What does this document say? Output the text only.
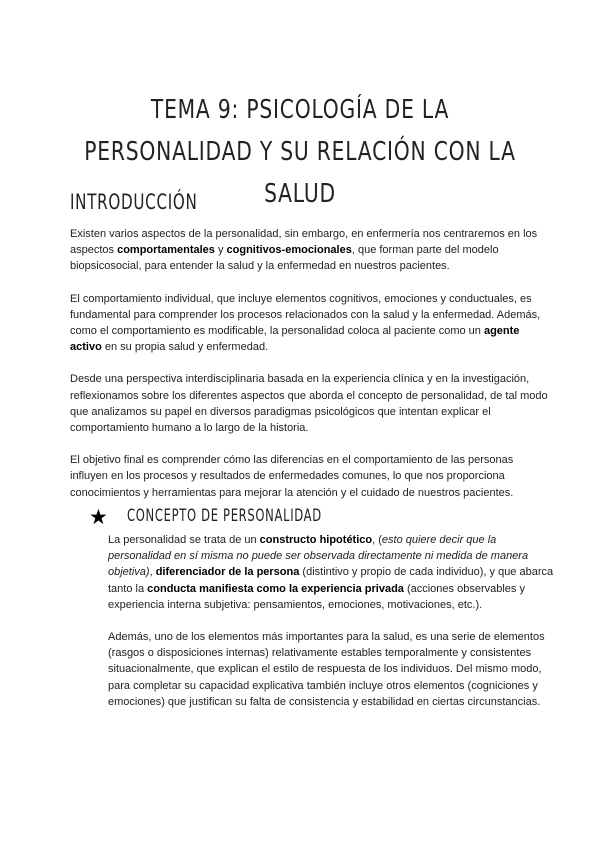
TEMA 9: PSICOLOGÍA DE LA PERSONALIDAD Y SU RELACIÓN CON LA SALUD
INTRODUCCIÓN

Existen varios aspectos de la personalidad, sin embargo, en enfermería nos centraremos en los aspectos comportamentales y cognitivos-emocionales, que forman parte del modelo biopsicosocial, para entender la salud y la enfermedad en nuestros pacientes.

El comportamiento individual, que incluye elementos cognitivos, emociones y conductuales, es fundamental para comprender los procesos relacionados con la salud y la enfermedad. Además, como el comportamiento es modificable, la personalidad coloca al paciente como un agente activo en su propia salud y enfermedad.

Desde una perspectiva interdisciplinaria basada en la experiencia clínica y en la investigación, reflexionamos sobre los diferentes aspectos que aborda el concepto de personalidad, de tal modo que analizamos su papel en diversos paradigmas psicológicos que intentan explicar el comportamiento humano a lo largo de la historia.

El objetivo final es comprender cómo las diferencias en el comportamiento de las personas influyen en los procesos y resultados de enfermedades comunes, lo que nos proporciona conocimientos y herramientas para mejorar la atención y el cuidado de nuestros pacientes.

★ CONCEPTO DE PERSONALIDAD

La personalidad se trata de un constructo hipotético, (esto quiere decir que la personalidad en sí misma no puede ser observada directamente ni medida de manera objetiva), diferenciador de la persona (distintivo y propio de cada individuo), y que abarca tanto la conducta manifiesta como la experiencia privada (acciones observables y experiencia interna subjetiva: pensamientos, emociones, motivaciones, etc.).

Además, uno de los elementos más importantes para la salud, es una serie de elementos (rasgos o disposiciones internas) relativamente estables temporalmente y consistentes situacionalmente, que explican el estilo de respuesta de los individuos. Del mismo modo, para completar su capacidad explicativa también incluye otros elementos (cogniciones y emociones) que justifican su falta de consistencia y estabilidad en ciertas circunstancias.
